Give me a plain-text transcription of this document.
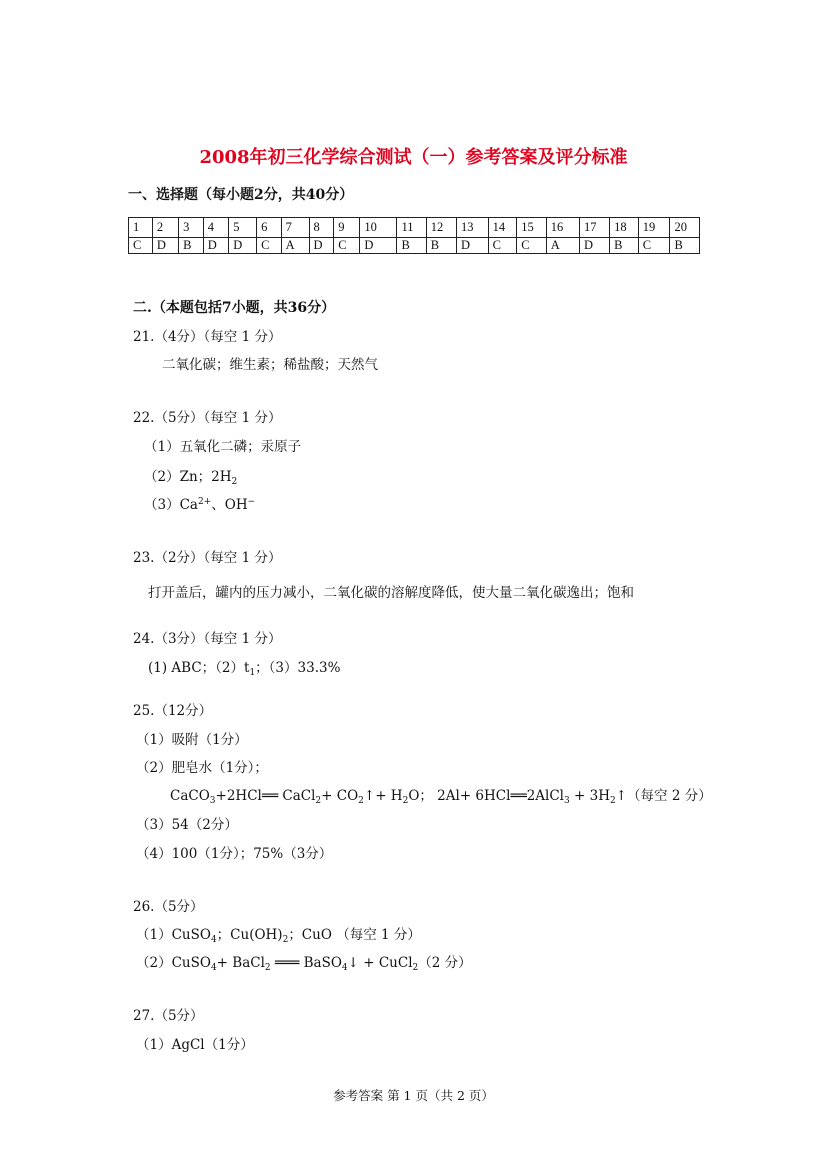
2008年初三化学综合测试（一）参考答案及评分标准
一、选择题（每小题2分，共40分）
1	2	3	4	5	6	7	8	9	10	11	12	13	14	15	16	17	18	19	20
C	D	B	D	D	C	A	D	C	D	B	B	D	C	C	A	D	B	C	B
二.（本题包括7小题，共36分）
21.（4分）（每空 1 分）
二氧化碳；维生素；稀盐酸；天然气
22.（5分）（每空 1 分）
（1）五氧化二磷；汞原子
（2）Zn；$2H_2$
$(3)Ca^{2+}$、OH−
23.（2分）（每空 1 分）
打开盖后，罐内的压力减小，二氧化碳的溶解度降低，使大量二氧化碳逸出；饱和
24.（3分）（每空 1 分）
(1) ABC；$(2)t_1$；（3）33.3%
25.（12分）
（1）吸附（1分）
（2）肥皂水（1分）；
CaCO$_3$+2HCl══ CaCl$_2$+ $CO_2↑+ H_2O$； 2Al+ 6HCl══2AlCl$_3$ + $3H_2↑$（每空 2 分）
（3）54（2分）
（4）100（1分）；75%（3分）
26.（5分）
（1）CuSO$_4$；$Cu(OH)_2$；CuO （每空 1 分）
（2）CuSO$_4$+ BaCl$_2$ ═══ BaSO$_4$↓ + CuCl$_2$（2 分）
27.（5分）
（1）AgCl（1分）
参考答案 第 1 页（共 2 页）
